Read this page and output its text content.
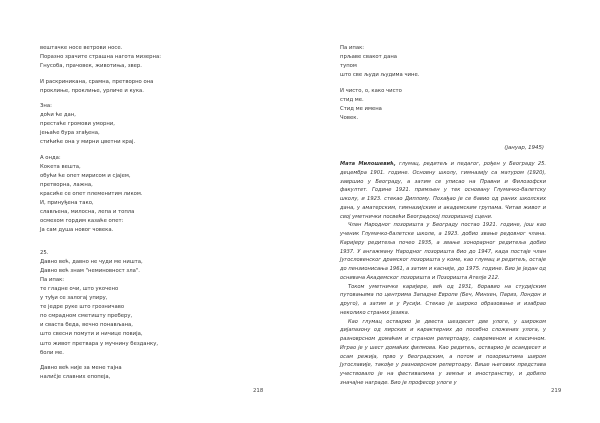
вештачке носе ветрови носе.
Поразно зрачите страшна нагота мизерна:
Гнусоба, прачовек, животиња, звер.
И раскриникана, срамна, претворно она
проклиње, проклиње, урличе и кука.
Зна:
доћи ће дан,
престаће громови уморни,
јењаће бура згађена,
стићиће она у мирни цветни крај.
А онда:
Кокета вешта,
обући ће опет мирисом и сјајем,
претворна, лажна,
красиће се опет племенитим ликом.
И, принуђена тако,
слављена, милосна, лепа и топла
осмехом гордим казаће опет:
Ја сам душа новог човека.
25.
Давно већ, давно не чуди ме ништа,
Давно већ знам "неминовност зла".
Па ипак:
те гладне очи, што укочено
у туђи се залогај упиру,
те једре руке што грозничаво
по смрадном сметишту преберу,
и сваста беда, вечно понављана,
што свесни помути и ничице повија,
што живот претвара у мучнину безданку,
боли ме.
Давно већ није за мене тајна
налиčје славних епопеја,
218
Па ипак:
прљаве свакот дана
тупом
што све људи људима чине.
И чисто, о, како чисто
стид ме.
Стид ме имена
Човек.
(јануар, 1945)

Мата Милошевић, глумац, редитељ и педагог, рођен у Београду 25. децембра 1901. године. Основну школу, гимназију са матуром (1920), завршио у Београду, а затим се уписао на Правни и Филозофски факултет. Године 1921. примљен у тек основану Глумачко-балетску школу, и 1923. стекао Диплому. Похађао је се бавио од раних школских дана, у аматерским, гимназијским и академским групама. Читав живот и свој уметнички посвећи Београдској позоришној сцени.

Члан Народног позоришта у Београду постао 1921. године, још као ученик Глумачко-балетске школе, а 1923. добио звање редовног члана. Каријеру редитеља почео 1935, а звање хонорарног редитеља добио 1937. У ангажману Народног позоришта био до 1947, када постаје члан Југословенског драмског позоришта у коме, као глумац и редитељ, остаје до пензионисања 1961, а затим и касније, до 1975. године. Био је један од оснивача Академског позоришта и Позоришта Ателје 212.

Током уметничке каријере, већ од 1931, боравио на студијским путовањима по центрима Западне Европе (Беч, Минхен, Париз, Лондон и друго), а затим и у Русији. Стекао је широко образовање и изабрао неколико страних језика.

Као глумац остварио је двеста шездесет две улоге, у широком дијапазону од лирских и карактерних до посебно сложених улога, у разноврсном домаћем и страном репертоару, савременом и класичном. Играо је у шест домаћих филмова. Као редитељ, остварио је осамдесет и осам режија, прво у београдским, а потом и позориштима широм Југославије, такође у разноврсном репертоару. Више његових представа учествовало је на фестивалима у земљи и иностранству, и добило значајне награде. Био је професор улоге у

219
